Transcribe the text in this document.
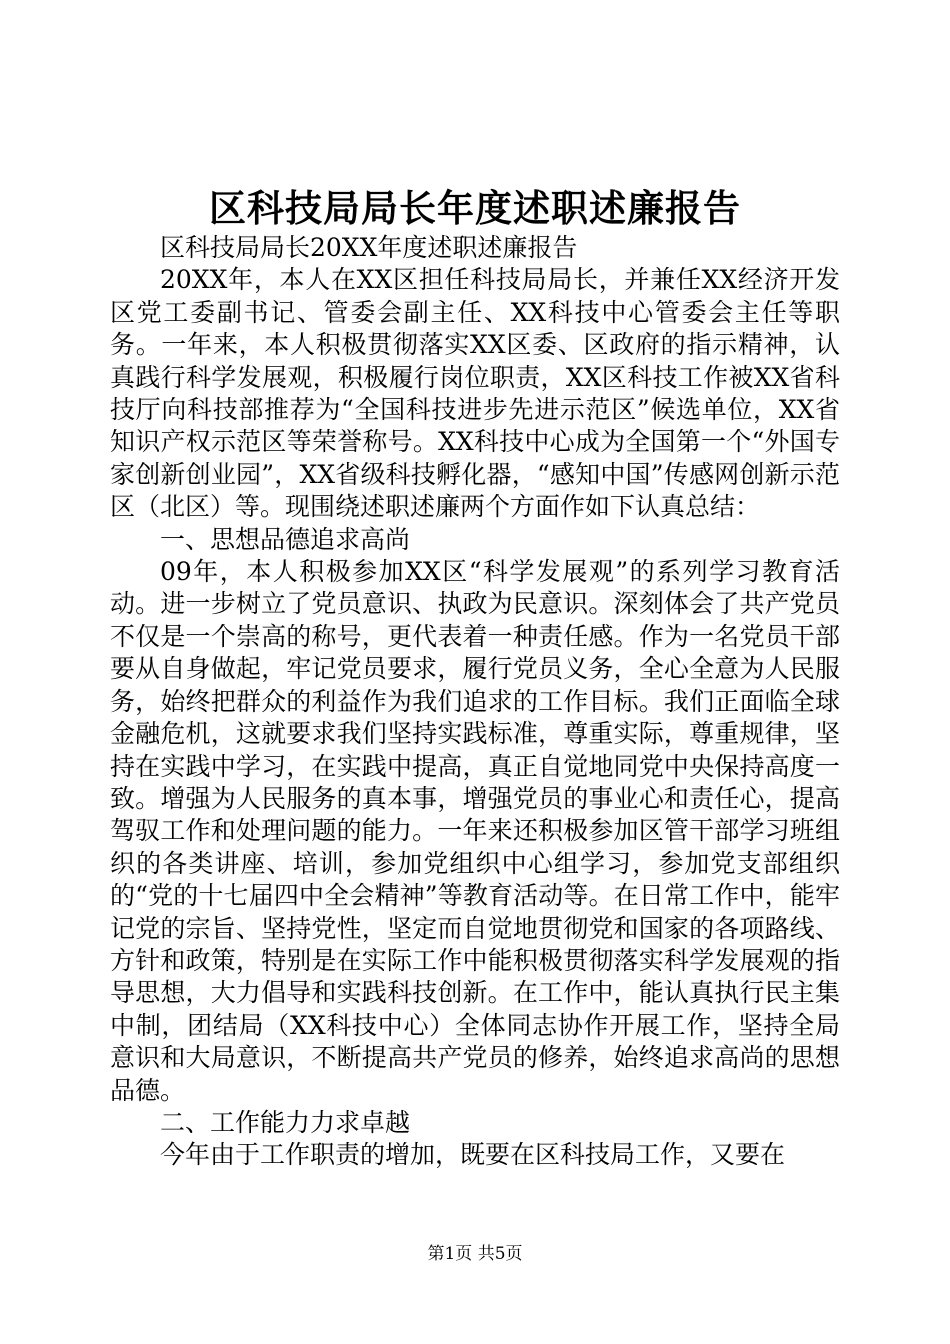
区科技局局长年度述职述廉报告

区科技局局长20XX年度述职述廉报告

20XX年，本人在XX区担任科技局局长，并兼任XX经济开发区党工委副书记、管委会副主任、XX科技中心管委会主任等职务。一年来，本人积极贯彻落实XX区委、区政府的指示精神，认真践行科学发展观，积极履行岗位职责，XX区科技工作被XX省科技厅向科技部推荐为“全国科技进步先进示范区”候选单位，XX省知识产权示范区等荣誉称号。XX科技中心成为全国第一个“外国专家创新创业园”，XX省级科技孵化器，“感知中国”传感网创新示范区（北区）等。现围绕述职述廉两个方面作如下认真总结：

一、思想品德追求高尚

09年，本人积极参加XX区“科学发展观”的系列学习教育活动。进一步树立了党员意识、执政为民意识。深刻体会了共产党员不仅是一个崇高的称号，更代表着一种责任感。作为一名党员干部要从自身做起，牢记党员要求，履行党员义务，全心全意为人民服务，始终把群众的利益作为我们追求的工作目标。我们正面临全球金融危机，这就要求我们坚持实践标准，尊重实际，尊重规律，坚持在实践中学习，在实践中提高，真正自觉地同党中央保持高度一致。增强为人民服务的真本事，增强党员的事业心和责任心，提高驾驭工作和处理问题的能力。一年来还积极参加区管干部学习班组织的各类讲座、培训，参加党组织中心组学习，参加党支部组织的“党的十七届四中全会精神”等教育活动等。在日常工作中，能牢记党的宗旨、坚持党性，坚定而自觉地贯彻党和国家的各项路线、方针和政策，特别是在实际工作中能积极贯彻落实科学发展观的指导思想，大力倡导和实践科技创新。在工作中，能认真执行民主集中制，团结局（XX科技中心）全体同志协作开展工作，坚持全局意识和大局意识，不断提高共产党员的修养，始终追求高尚的思想品德。

二、工作能力力求卓越

今年由于工作职责的增加，既要在区科技局工作，又要在

第1页 共5页
